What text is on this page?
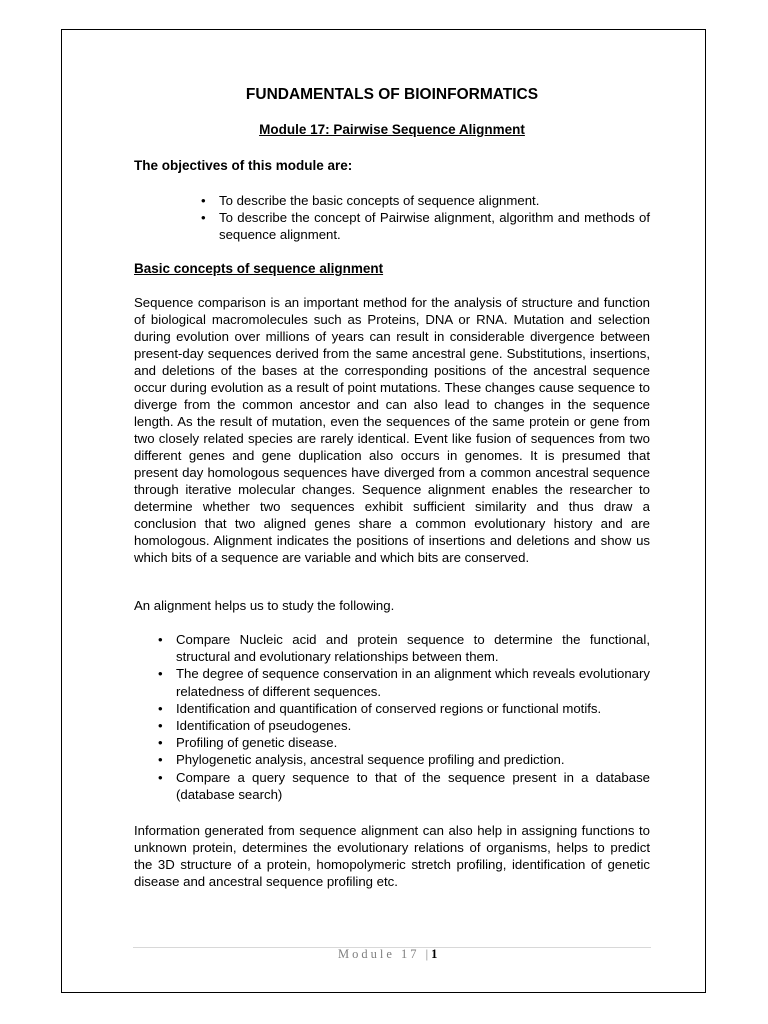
FUNDAMENTALS OF BIOINFORMATICS
Module 17: Pairwise Sequence Alignment
The objectives of this module are:
• To describe the basic concepts of sequence alignment.
• To describe the concept of Pairwise alignment, algorithm and methods of sequence alignment.
Basic concepts of sequence alignment
Sequence comparison is an important method for the analysis of structure and function of biological macromolecules such as Proteins, DNA or RNA. Mutation and selection during evolution over millions of years can result in considerable divergence between present-day sequences derived from the same ancestral gene. Substitutions, insertions, and deletions of the bases at the corresponding positions of the ancestral sequence occur during evolution as a result of point mutations. These changes cause sequence to diverge from the common ancestor and can also lead to changes in the sequence length. As the result of mutation, even the sequences of the same protein or gene from two closely related species are rarely identical. Event like fusion of sequences from two different genes and gene duplication also occurs in genomes. It is presumed that present day homologous sequences have diverged from a common ancestral sequence through iterative molecular changes. Sequence alignment enables the researcher to determine whether two sequences exhibit sufficient similarity and thus draw a conclusion that two aligned genes share a common evolutionary history and are homologous. Alignment indicates the positions of insertions and deletions and show us which bits of a sequence are variable and which bits are conserved.
An alignment helps us to study the following.
• Compare Nucleic acid and protein sequence to determine the functional, structural and evolutionary relationships between them.
• The degree of sequence conservation in an alignment which reveals evolutionary relatedness of different sequences.
• Identification and quantification of conserved regions or functional motifs.
• Identification of pseudogenes.
• Profiling of genetic disease.
• Phylogenetic analysis, ancestral sequence profiling and prediction.
• Compare a query sequence to that of the sequence present in a database (database search)
Information generated from sequence alignment can also help in assigning functions to unknown protein, determines the evolutionary relations of organisms, helps to predict the 3D structure of a protein, homopolymeric stretch profiling, identification of genetic disease and ancestral sequence profiling etc.
Module 17 |1
